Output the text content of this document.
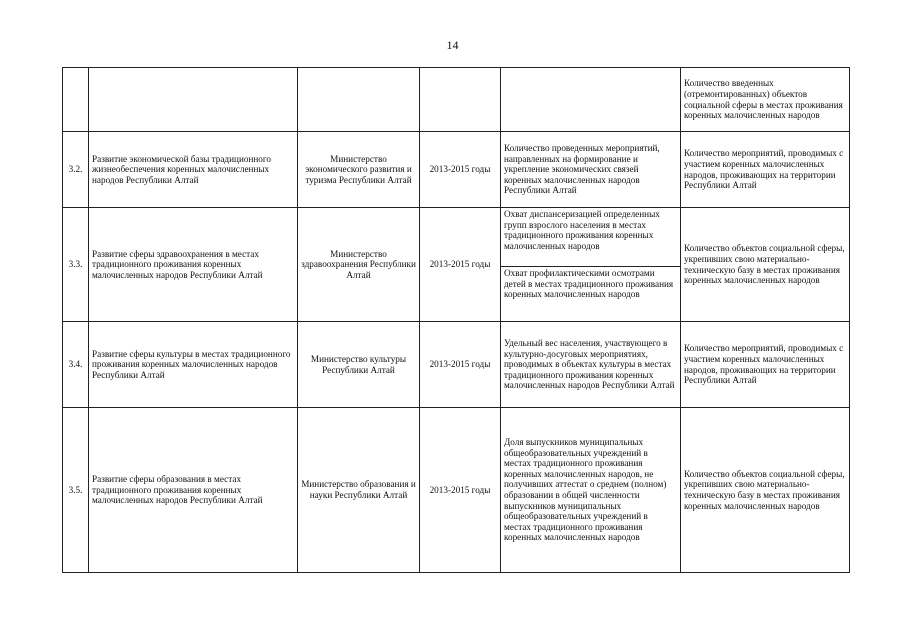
14
					Количество введенных (отремонтированных) объектов социальной сферы в местах проживания коренных малочисленных народов
3.2.	Развитие экономической базы традиционного жизнеобеспечения коренных малочисленных народов Республики Алтай	Министерство экономического развития и туризма Республики Алтай	2013-2015 годы	Количество проведенных мероприятий, направленных на формирование и укрепление экономических связей коренных малочисленных народов Республики Алтай	Количество мероприятий, проводимых с участием коренных малочисленных народов, проживающих на территории Республики Алтай
3.3.	Развитие сферы здравоохранения в местах традиционного проживания коренных малочисленных народов Республики Алтай	Министерство здравоохранения Республики Алтай	2013-2015 годы	Охват диспансеризацией определенных групп взрослого населения в местах традиционного проживания коренных малочисленных народов	Количество объектов социальной сферы, укрепивших свою материально-техническую базу в местах проживания коренных малочисленных народов
				Охват профилактическими осмотрами детей в местах традиционного проживания коренных малочисленных народов	
3.4.	Развитие сферы культуры в местах традиционного проживания коренных малочисленных народов Республики Алтай	Министерство культуры Республики Алтай	2013-2015 годы	Удельный вес населения, участвующего в культурно-досуговых мероприятиях, проводимых в объектах культуры в местах традиционного проживания коренных малочисленных народов Республики Алтай	Количество мероприятий, проводимых с участием коренных малочисленных народов, проживающих на территории Республики Алтай
3.5.	Развитие сферы образования в местах традиционного проживания коренных малочисленных народов Республики Алтай	Министерство образования и науки Республики Алтай	2013-2015 годы	Доля выпускников муниципальных общеобразовательных учреждений в местах традиционного проживания коренных малочисленных народов, не получивших аттестат о среднем (полном) образовании в общей численности выпускников муниципальных общеобразовательных учреждений в местах традиционного проживания коренных малочисленных народов	Количество объектов социальной сферы, укрепивших свою материально-техническую базу в местах проживания коренных малочисленных народов
